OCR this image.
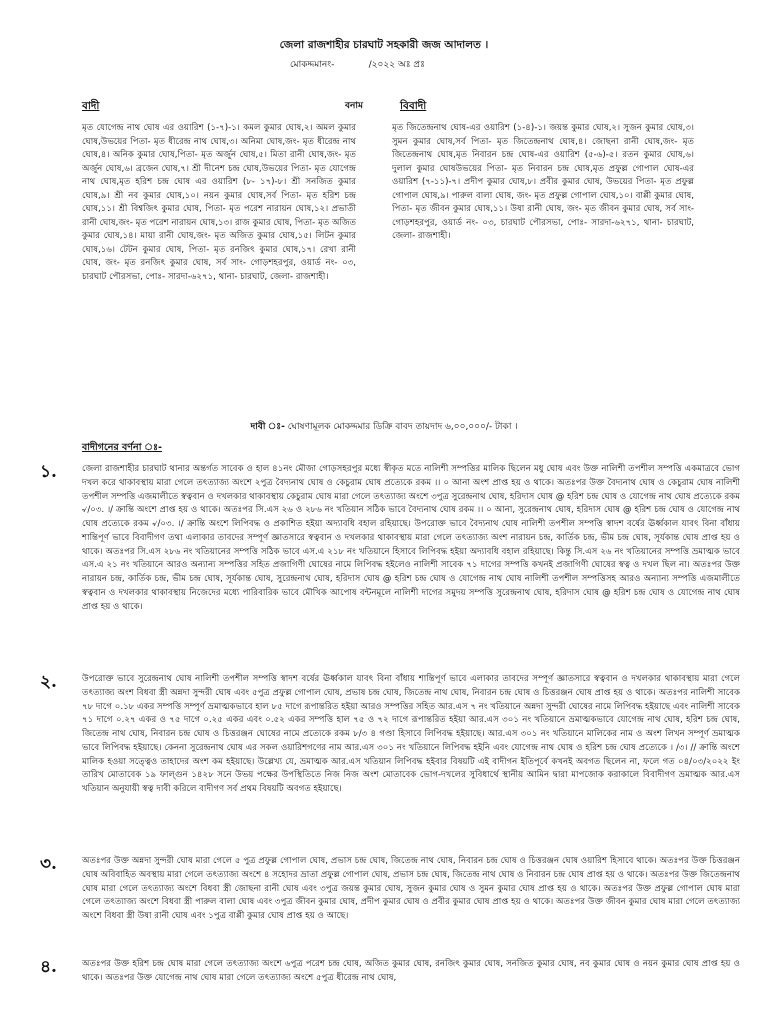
জেলা রাজশাহীর চারঘাট সহকারী জজ আদালত ।
মোকদ্দমানং-	/২০২২ অঃ প্রঃ
বাদী	বনাম	বিবাদী

মৃত যোগেন্দ্র নাথ ঘোষ এর ওয়ারিশ (১-৭)-১। কমল কুমার ঘোষ,২। অমল কুমার ঘোষ,উভয়ের পিতা- মৃত ধীরেন্দ্র নাথ ঘোষ,৩। অনিমা ঘোষ,জং- মৃত ধীরেন্দ্র নাথ ঘোষ,৪। অনিক কুমার ঘোষ,পিতা- মৃত অর্জুন ঘোষ,৫। মিতা রানী ঘোষ,জং- মৃত অর্জুন ঘোষ,৬। ব্রজেন ঘোষ,৭। শ্রী দীনেশ চন্দ্র ঘোষ,উভয়ের পিতা- মৃত যোগেন্দ্র নাথ ঘোষ,মৃত হরিশ চন্দ্র ঘোষ এর ওয়ারিশ (৮- ১৭)-৮। শ্রী সনজিত কুমার ঘোষ,৯। শ্রী নব কুমার ঘোষ,১০। নয়ন কুমার ঘোষ,সর্ব পিতা- মৃত হরিশ চন্দ্র ঘোষ,১১। শ্রী বিশ্বজিৎ কুমার ঘোষ, পিতা- মৃত পরেশ নারায়ন ঘোষ,১২। প্রভাতী রানী ঘোষ,জং- মৃত পরেশ নারায়ন ঘোষ,১৩। রাজ কুমার ঘোষ, পিতা- মৃত অজিত কুমার ঘোষ,১৪। মায়া রানী ঘোষ,জং- মৃত অজিত কুমার ঘোষ,১৫। লিটন কুমার ঘোষ,১৬। টেটন কুমার ঘোষ, পিতা- মৃত রনজিৎ কুমার ঘোষ,১৭। রেখা রানী ঘোষ, জং- মৃত রনজিৎ কুমার ঘোষ, সর্ব সাং- গোড়শহরপুর, ওয়ার্ড নং- ০৩, চারঘাট পৌরসভা, পোঃ- সারদা-৬২৭১, থানা- চারঘাট, জেলা- রাজশাহী।

মৃত জিতেন্দ্রনাথ ঘোষ-এর ওয়ারিশ (১-৪)-১। জয়ন্ত কুমার ঘোষ,২। সুজন কুমার ঘোষ,৩। সুমন কুমার ঘোষ,সর্ব পিতা- মৃত জিতেন্দ্রনাথ ঘোষ,৪। জোছনা রানী ঘোষ,জং- মৃত জিতেন্দ্রনাথ ঘোষ,মৃত নিবারন চন্দ্র ঘোষ-এর ওয়ারিশ (৫-৬)-৫। রতন কুমার ঘোষ,৬। দুলাল কুমার ঘোষউভয়ের পিতা- মৃত নিবারন চন্দ্র ঘোষ,মৃত প্রফুল্ল গোপাল ঘোষ-এর ওয়ারিশ (৭-১১)-৭। প্রদীপ কুমার ঘোষ,৮। প্রবীর কুমার ঘোষ, উভয়ের পিতা- মৃত প্রফুল্ল গোপাল ঘোষ,৯। পারুল বালা ঘোষ, জং- মৃত প্রফুল্ল গোপাল ঘোষ,১০। বাপ্পী কুমার ঘোষ, পিতা- মৃত জীবন কুমার ঘোষ,১১। উষা রানী ঘোষ, জং- মৃত জীবন কুমার ঘোষ, সর্ব সাং- গোড়শহরপুর, ওয়ার্ড নং- ০৩, চারঘাট পৌরসভা, পোঃ- সারদা-৬২৭১, থানা- চারঘাট, জেলা- রাজশাহী।

দাবী ঃ- ঘোষণামূলক মোকদ্দমার ডিক্রি বাবদ তায়দাদ ৬,০০,০০০/- টাকা ।
বাদীগনের বর্ণনা ঃ-
১.	জেলা রাজশাহীর চারঘাট থানার অন্তর্গত সাবেক ও হাল ৪১নং মৌজা গোড়সহরপুর মধ্যে স্বীকৃত মতে নালিশী সম্পত্তির মালিক ছিলেন মধু ঘোষ এবং উক্ত নালিশী তপশীল সম্পত্তি একমাত্রবে ভোগ দখল করে থাকাবস্থায় মারা গেলে তৎত্যাজ্য অংশে ২পুত্র বৈদ্যনাথ ঘোষ ও কেচুরাম ঘোষ প্রত্যেকে রকম ।। ০ আনা অংশ প্রাপ্ত হয় ও থাকে। অতঃপর উক্ত বৈদ্যনাথ ঘোষ ও কেচুরাম ঘোষ নালিশী তপশীল সম্পত্তি এজমালীতে স্বত্ববান ও দখলকার থাকাবস্থায় কেচুরাম ঘোষ মারা গেলে তৎত্যাজ্য অংশে ৩পুত্র সুরেন্দ্রনাথ ঘোষ, হরিদাস ঘোষ @ হরিশ চন্দ্র ঘোষ ও যোগেন্দ্র নাথ ঘোষ প্রত্যেকে রকম ৵/০৩. ।/ ক্রান্তি অংশে প্রাপ্ত হয় ও থাকে। অতঃপর সি.এস ২৬ ও ২৮৬ নং খতিয়ান সঠিক ভাবে বৈদ্যনাথ ঘোষ রকম ।। ০ আনা, সুরেন্দ্রনাথ ঘোষ, হরিদাস ঘোষ @ হরিশ চন্দ্র ঘোষ ও যোগেন্দ্র নাথ ঘোষ প্রত্যেকে রকম ৵/০৩. ।/ ক্রান্তি অংশে লিপিবদ্ধ ও প্রকাশিত হইয়া অদ্যাবধি বহাল রহিয়াছে। উপরোক্ত ভাবে বৈদ্যনাথ ঘোষ নালিশী তপশীল সম্পত্তি স্বাদশ বর্ষের ঊর্ধ্বকাল যাবৎ বিনা বাঁধায় শান্তিপূর্ণ ভাবে বিবাদীগণ তথা এলাকার তাবদের সম্পূর্ণ জ্ঞাতসারে স্বত্ববান ও দখলকার থাকাবস্থায় মারা গেলে তৎত্যাজ্য অংশ নারায়ন চন্দ্র, কার্তিক চন্দ্র, ভীম চন্দ্র ঘোষ, সূর্যকান্ত ঘোষ প্রাপ্ত হয় ও থাকে। অতঃপর সি.এস ২৮৬ নং খতিয়ানের সম্পত্তি সঠিক ভাবে এস.এ ২১৮ নং খতিয়ানে হিসাবে লিপিবদ্ধ হইয়া অদ্যাবধি বহাল রহিয়াছে। কিন্তু সি.এস ২৬ নং খতিয়ানের সম্পত্তি ভ্রমাত্মক ভাবে এস.এ ২১ নং খতিয়ানে আরও অন্যান্য সম্পত্তির সহিত প্রজাগিণী ঘোষের নামে লিপিবদ্ধ হইলেও নালিশী সাবেক ৭১ দাগের সম্পত্তি কখনই প্রজাগিণী ঘোষের স্বত্ব ও দখল ছিল না। অতঃপর উক্ত নারায়ন চন্দ্র, কার্তিক চন্দ্র, ভীম চন্দ্র ঘোষ, সূর্যকান্ত ঘোষ, সুরেন্দ্রনাথ ঘোষ, হরিদাস ঘোষ @ হরিশ চন্দ্র ঘোষ ও যোগেন্দ্র নাথ ঘোষ নালিশী তপশীল সম্পত্তিসহ আরও অন্যান্য সম্পত্তি এজমালীতে স্বত্ববান ও দখলকার থাকাবস্থায় নিজেদের মধ্যে পারিবারিক ভাবে মৌখিক আপোষ বন্টনমূলে নালিশী দাগের সমুদয় সম্পত্তি সুরেন্দ্রনাথ ঘোষ, হরিদাস ঘোষ @ হরিশ চন্দ্র ঘোষ ও যোগেন্দ্র নাথ ঘোষ প্রাপ্ত হয় ও থাকে।

২.	উপরোক্ত ভাবে সুরেন্দ্রনাথ ঘোষ নালিশী তপশীল সম্পত্তি স্বাদশ বর্ষের ঊর্ধ্বকাল যাবৎ বিনা বাঁধায় শান্তিপূর্ণ ভাবে এলাকার তাবদের সম্পূর্ণ জ্ঞাতসারে স্বত্ববান ও দখলকার থাকাবস্থায় মারা গেলে তৎত্যাজ্য অংশ বিধবা স্ত্রী অন্নদা সুন্দরী ঘোষ এবং ৫পুত্র প্রফুল্ল গোপাল ঘোষ, প্রভাষ চন্দ্র ঘোষ, জিতেন্দ্র নাথ ঘোষ, নিবারন চন্দ্র ঘোষ ও চিত্তরঞ্জন ঘোষ প্রাপ্ত হয় ও থাকে। অতঃপর নালিশী সাবেক ৭৮ দাগে ০.১৮ একর সম্পত্তি সম্পূর্ণ ভ্রমাত্মকভাবে হাল ৮৫ দাগে রূপান্তরিত হইয়া আরও সম্পত্তির সহিত আর.এস ৭ নং খতিয়ানে অন্নদা সুন্দরী ঘোষের নামে লিপিবদ্ধ হইয়াছে এবং নালিশী সাবেক ৭১ দাগে ০.২৭ একর ও ৭৫ দাগে ০.২৫ একর এবং ০.৫২ একর সম্পত্তি হাল ৭৫ ও ৭২ দাগে রূপান্তরিত হইয়া আর.এস ৩০১ নং খতিয়ানে ভ্রমাত্মকভাবে যোগেন্দ্র নাথ ঘোষ, হরিশ চন্দ্র ঘোষ, জিতেন্দ্র নাথ ঘোষ, নিবারন চন্দ্র ঘোষ ও চিত্তরঞ্জন ঘোষের নামে প্রত্যেকে রকম ৮/৩ ৪ গণ্ডা হিসাবে লিপিবদ্ধ হইয়াছে। আর.এস ৩০১ নং খতিয়ানে মালিকের নাম ও অংশ লিখন সম্পূর্ণ ভ্রমাত্মক ভাবে লিপিবদ্ধ হইয়াছে। কেননা সুরেন্দ্রনাথ ঘোষ এর সকল ওয়ারিশগণের নাম আর.এস ৩০১ নং খতিয়ানে লিপিবদ্ধ হইনি এবং যোগেন্দ্র নাথ ঘোষ ও হরিশ চন্দ্র ঘোষ প্রত্যেকে । /৩। // ক্রান্তি অংশে মালিক হওয়া সত্ত্বেও তাহাদের অংশ কম হইয়াছে। উল্লেখ্য যে, ভ্রমাত্মক আর.এস খতিয়ান লিপিবদ্ধ হইবার বিষয়টি এই বাদীগন ইতিপূর্বে কখনই অবগত ছিলেন না, ফলে গত ০৪/০৩/২০২২ ইং তারিখ মোতাবেক ১৯ ফাল্গুন ১৪২৮ সনে উভয় পক্ষের উপস্থিতিতে নিজ নিজ অংশ মোতাবেক ভোগ-দখলের সুবিধার্থে স্থানীয় আমিন দ্বারা মাপজোক করাকালে বিবাদীগণ ভ্রমাত্মক আর.এস খতিয়ান অনুযায়ী স্বত্ব দাবী করিলে বাদীগণ সর্ব প্রথম বিষয়টি অবগত হইয়াছে।

৩.	অতঃপর উক্ত অন্নদা সুন্দরী ঘোষ মারা গেলে ৫ পুত্র প্রফুল্ল গোপাল ঘোষ, প্রভাস চন্দ্র ঘোষ, জিতেন্দ্র নাথ ঘোষ, নিবারন চন্দ্র ঘোষ ও চিত্তরঞ্জন ঘোষ ওয়ারিশ হিসাবে থাকে। অতঃপর উক্ত চিত্তরঞ্জন ঘোষ অবিবাহিত অবস্থায় মারা গেলে তৎত্যাজ্য অংশে ৪ সহোদর ভ্রাতা প্রফুল্ল গোপাল ঘোষ, প্রভাস চন্দ্র ঘোষ, জিতেন্দ্র নাথ ঘোষ ও নিবারন চন্দ্র ঘোষ প্রাপ্ত হয় ও থাকে। অতঃপর উক্ত জিতেন্দ্রনাথ ঘোষ মারা গেলে তৎত্যাজ্য অংশে বিধবা স্ত্রী জোছনা রানী ঘোষ এবং ৩পুত্র জয়ন্ত কুমার ঘোষ, সুজন কুমার ঘোষ ও সুমন কুমার ঘোষ প্রাপ্ত হয় ও থাকে। অতঃপর উক্ত প্রফুল্ল গোপাল ঘোষ মারা গেলে তৎত্যাজ্য অংশে বিধবা স্ত্রী পারুল বালা ঘোষ এবং ৩পুত্র জীবন কুমার ঘোষ, প্রদীপ কুমার ঘোষ ও প্রবীর কুমার ঘোষ প্রাপ্ত হয় ও থাকে। অতঃপর উক্ত জীবন কুমার ঘোষ মারা গেলে তৎত্যাজ্য অংশে বিধবা স্ত্রী উষা রানী ঘোষ এবং ১পুত্র বাপ্পী কুমার ঘোষ প্রাপ্ত হয় ও আছে।

৪.	অতঃপর উক্ত হরিশ চন্দ্র ঘোষ মারা গেলে তৎত্যাজ্য অংশে ৬পুত্র পরেশ চন্দ্র ঘোষ, অজিত কুমার ঘোষ, রনজিৎ কুমার ঘোষ, সনজিত কুমার ঘোষ, নব কুমার ঘোষ ও নয়ন কুমার ঘোষ প্রাপ্ত হয় ও থাকে। অতঃপর উক্ত যোগেন্দ্র নাথ ঘোষ মারা গেলে তৎত্যাজ্য অংশে ৫পুত্র ধীরেন্দ্র নাথ ঘোষ,
